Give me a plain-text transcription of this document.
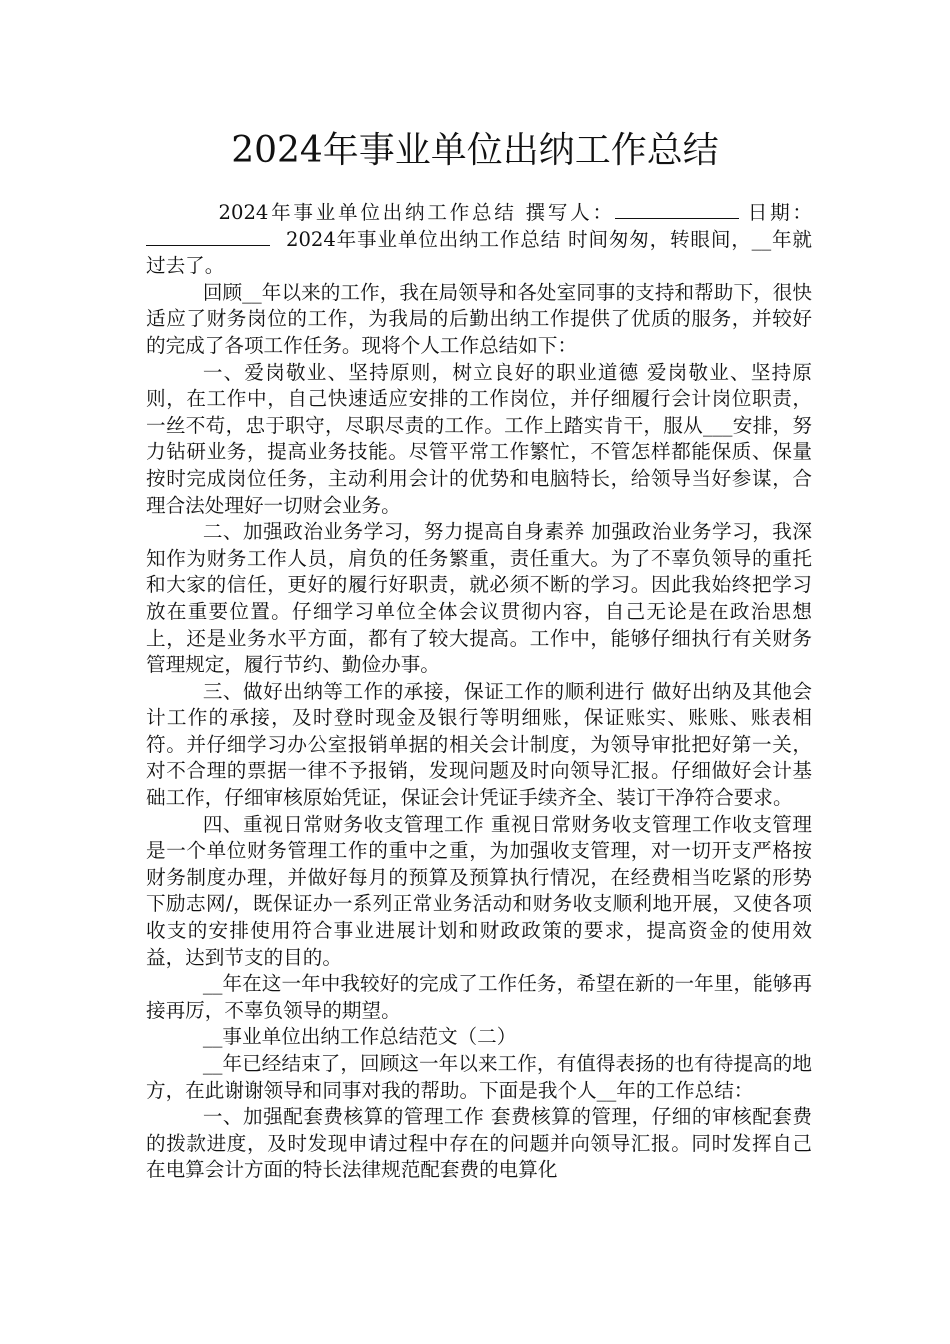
2024年事业单位出纳工作总结

2024年事业单位出纳工作总结 撰写人：	日期：2024年事业单位出纳工作总结 时间匆匆，转眼间，__年就过去了。

回顾__年以来的工作，我在局领导和各处室同事的支持和帮助下，很快适应了财务岗位的工作，为我局的后勤出纳工作提供了优质的服务，并较好的完成了各项工作任务。现将个人工作总结如下：

一、爱岗敬业、坚持原则，树立良好的职业道德 爱岗敬业、坚持原则，在工作中，自己快速适应安排的工作岗位，并仔细履行会计岗位职责，一丝不苟，忠于职守，尽职尽责的工作。工作上踏实肯干，服从___安排，努力钻研业务，提高业务技能。尽管平常工作繁忙，不管怎样都能保质、保量按时完成岗位任务，主动利用会计的优势和电脑特长，给领导当好参谋，合理合法处理好一切财会业务。

二、加强政治业务学习，努力提高自身素养 加强政治业务学习，我深知作为财务工作人员，肩负的任务繁重，责任重大。为了不辜负领导的重托和大家的信任，更好的履行好职责，就必须不断的学习。因此我始终把学习放在重要位置。仔细学习单位全体会议贯彻内容，自己无论是在政治思想上，还是业务水平方面，都有了较大提高。工作中，能够仔细执行有关财务管理规定，履行节约、勤俭办事。

三、做好出纳等工作的承接，保证工作的顺利进行 做好出纳及其他会计工作的承接，及时登时现金及银行等明细账，保证账实、账账、账表相符。并仔细学习办公室报销单据的相关会计制度，为领导审批把好第一关，对不合理的票据一律不予报销，发现问题及时向领导汇报。仔细做好会计基础工作，仔细审核原始凭证，保证会计凭证手续齐全、装订干净符合要求。

四、重视日常财务收支管理工作 重视日常财务收支管理工作收支管理是一个单位财务管理工作的重中之重，为加强收支管理，对一切开支严格按财务制度办理，并做好每月的预算及预算执行情况，在经费相当吃紧的形势下励志网/，既保证办一系列正常业务活动和财务收支顺利地开展，又使各项收支的安排使用符合事业进展计划和财政政策的要求，提高资金的使用效益，达到节支的目的。

__年在这一年中我较好的完成了工作任务，希望在新的一年里，能够再接再厉，不辜负领导的期望。

__事业单位出纳工作总结范文（二）

__年已经结束了，回顾这一年以来工作，有值得表扬的也有待提高的地方，在此谢谢领导和同事对我的帮助。下面是我个人__年的工作总结：

一、加强配套费核算的管理工作 套费核算的管理，仔细的审核配套费的拨款进度，及时发现申请过程中存在的问题并向领导汇报。同时发挥自己在电算会计方面的特长法律规范配套费的电算化
